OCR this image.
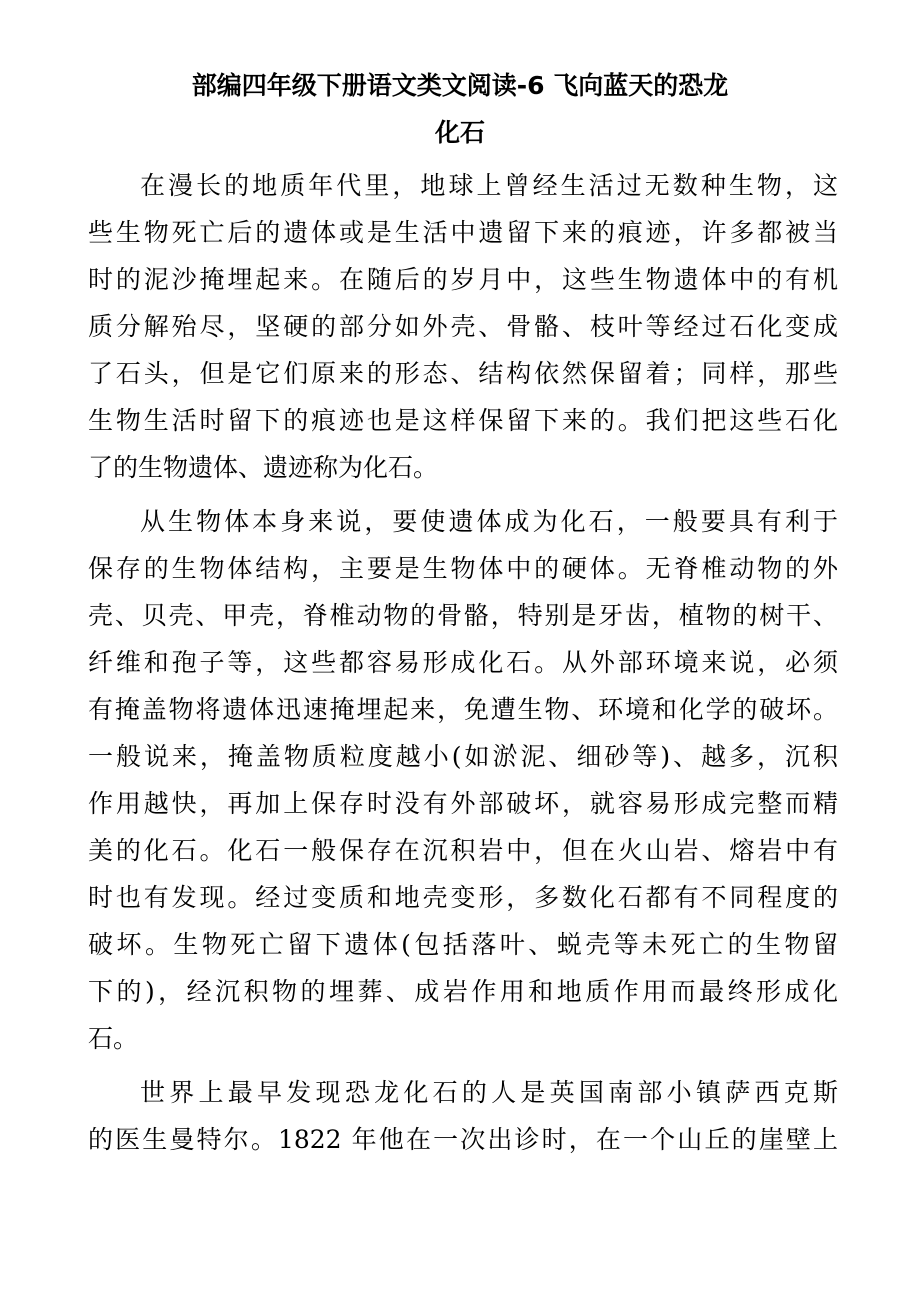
部编四年级下册语文类文阅读-6 飞向蓝天的恐龙
化石

在漫长的地质年代里，地球上曾经生活过无数种生物，这
些生物死亡后的遗体或是生活中遗留下来的痕迹，许多都被当
时的泥沙掩埋起来。在随后的岁月中，这些生物遗体中的有机
质分解殆尽，坚硬的部分如外壳、骨骼、枝叶等经过石化变成
了石头，但是它们原来的形态、结构依然保留着；同样，那些
生物生活时留下的痕迹也是这样保留下来的。我们把这些石化
了的生物遗体、遗迹称为化石。

从生物体本身来说，要使遗体成为化石，一般要具有利于
保存的生物体结构，主要是生物体中的硬体。无脊椎动物的外
壳、贝壳、甲壳，脊椎动物的骨骼，特别是牙齿，植物的树干、
纤维和孢子等，这些都容易形成化石。从外部环境来说，必须
有掩盖物将遗体迅速掩埋起来，免遭生物、环境和化学的破坏。
一般说来，掩盖物质粒度越小(如淤泥、细砂等)、越多，沉积
作用越快，再加上保存时没有外部破坏，就容易形成完整而精
美的化石。化石一般保存在沉积岩中，但在火山岩、熔岩中有
时也有发现。经过变质和地壳变形，多数化石都有不同程度的
破坏。生物死亡留下遗体(包括落叶、蜕壳等未死亡的生物留
下的)，经沉积物的埋葬、成岩作用和地质作用而最终形成化
石。

世界上最早发现恐龙化石的人是英国南部小镇萨西克斯
的医生曼特尔。1822 年他在一次出诊时，在一个山丘的崖壁上
